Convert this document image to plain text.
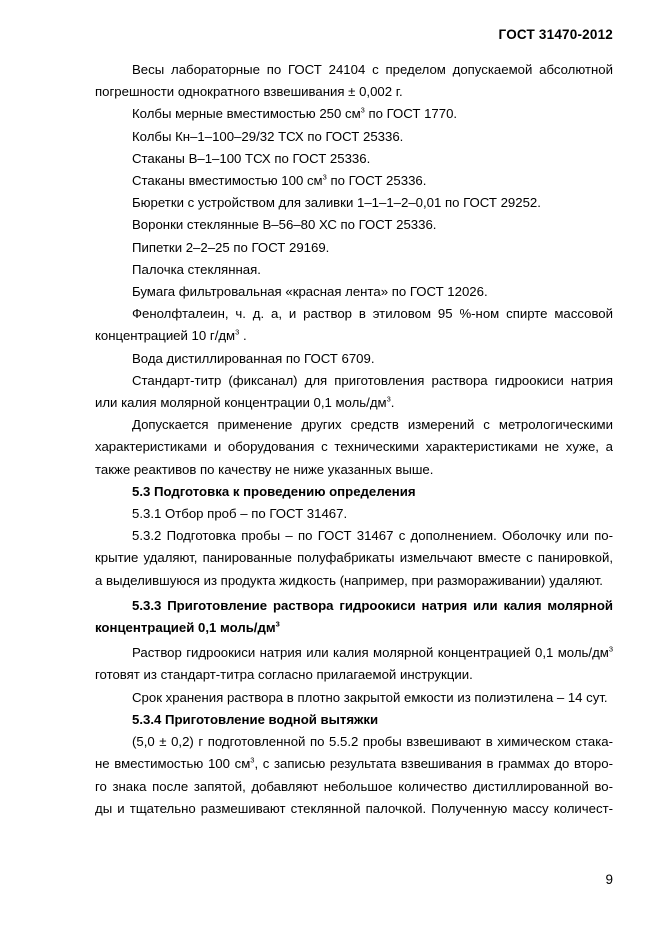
ГОСТ 31470-2012

Весы лабораторные по ГОСТ 24104 с пределом допускаемой абсолютной

погрешности однократного взвешивания ± 0,002 г.

Колбы мерные вместимостью 250 $см^3$ по ГОСТ 1770.

Колбы Кн–1–100–29/32 ТСХ по ГОСТ 25336.

Стаканы В–1–100 ТСХ по ГОСТ 25336.

Стаканы вместимостью 100 $см^3$ по ГОСТ 25336.

Бюретки с устройством для заливки 1–1–1–2–0,01 по ГОСТ 29252.

Воронки стеклянные В–56–80 ХС по ГОСТ 25336.

Пипетки 2–2–25 по ГОСТ 29169.

Палочка стеклянная.

Бумага фильтровальная «красная лента» по ГОСТ 12026.

Фенолфталеин, ч. д. а, и раствор в этиловом 95 %-ном спирте массовой

концентрацией 10 $г/дм^3$ .

Вода дистиллированная по ГОСТ 6709.

Стандарт-титр (фиксанал) для приготовления раствора гидроокиси натрия

или калия молярной концентрации 0,1 моль/$дм^3$.

Допускается применение других средств измерений с метрологическими

характеристиками и оборудования с техническими характеристиками не хуже, а

также реактивов по качеству не ниже указанных выше.

5.3 Подготовка к проведению определения

5.3.1 Отбор проб – по ГОСТ 31467.

5.3.2 Подготовка пробы – по ГОСТ 31467 с дополнением. Оболочку или по-

крытие удаляют, панированные полуфабрикаты измельчают вместе с панировкой,

а выделившуюся из продукта жидкость (например, при размораживании) удаляют.

5.3.3 Приготовление раствора гидроокиси натрия или калия молярной

концентрацией 0,1 моль/$дм^3$

Раствор гидроокиси натрия или калия молярной концентрацией 0,1 моль/$дм^3$

готовят из стандарт-титра согласно прилагаемой инструкции.

Срок хранения раствора в плотно закрытой емкости из полиэтилена – 14 сут.

5.3.4 Приготовление водной вытяжки

(5,0 ± 0,2) г подготовленной по 5.5.2 пробы взвешивают в химическом стака-

не вместимостью 100 $см^3$, с записью результата взвешивания в граммах до второ-

го знака после запятой, добавляют небольшое количество дистиллированной во-

ды и тщательно размешивают стеклянной палочкой. Полученную массу количест-

9
